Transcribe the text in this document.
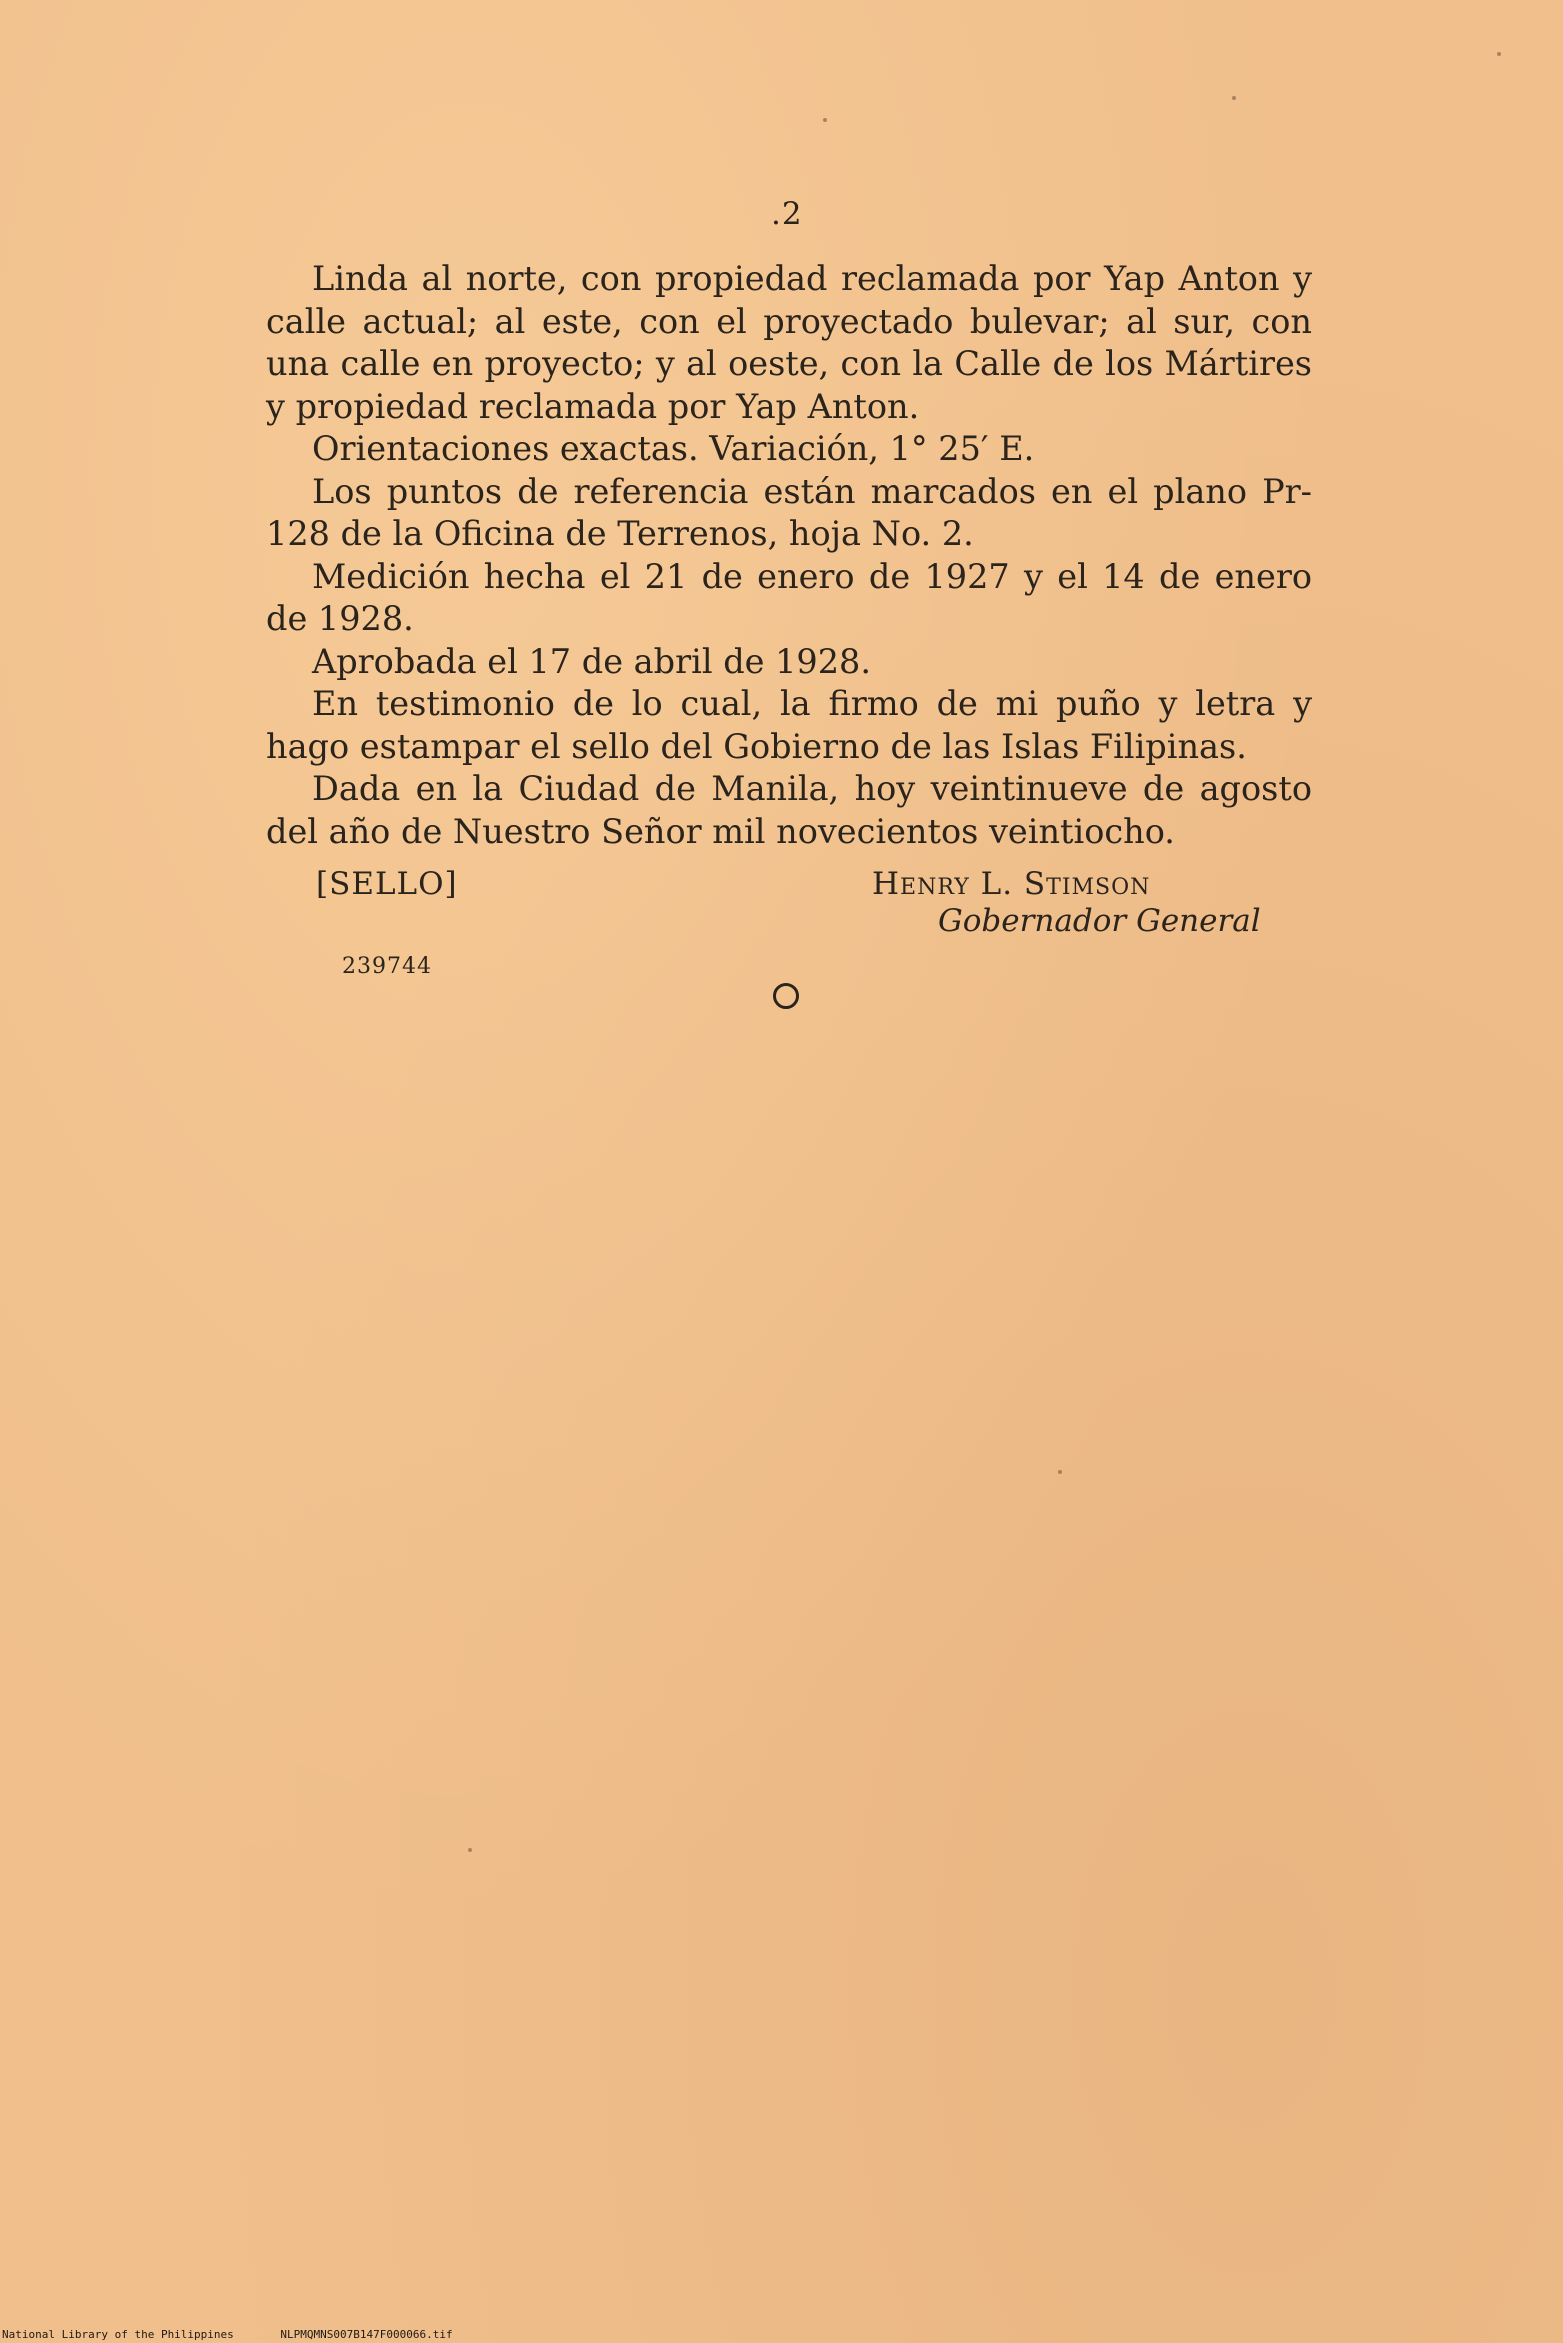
.2

Linda al norte, con propiedad reclamada por Yap Anton y calle actual; al este, con el proyectado bulevar; al sur, con una calle en proyecto; y al oeste, con la Calle de los Mártires y propiedad reclamada por Yap Anton.

Orientaciones exactas. Variación, 1° 25′ E.

Los puntos de referencia están marcados en el plano Pr-128 de la Oficina de Terrenos, hoja No. 2.

Medición hecha el 21 de enero de 1927 y el 14 de enero de 1928.

Aprobada el 17 de abril de 1928.

En testimonio de lo cual, la firmo de mi puño y letra y hago estampar el sello del Gobierno de las Islas Filipinas.

Dada en la Ciudad de Manila, hoy veintinueve de agosto del año de Nuestro Señor mil novecientos veintiocho.

[SELLO]	Henry L. Stimson
Gobernador General
239744
National Library of the Philippines	NLPMQMNS007B147F000066.tif
